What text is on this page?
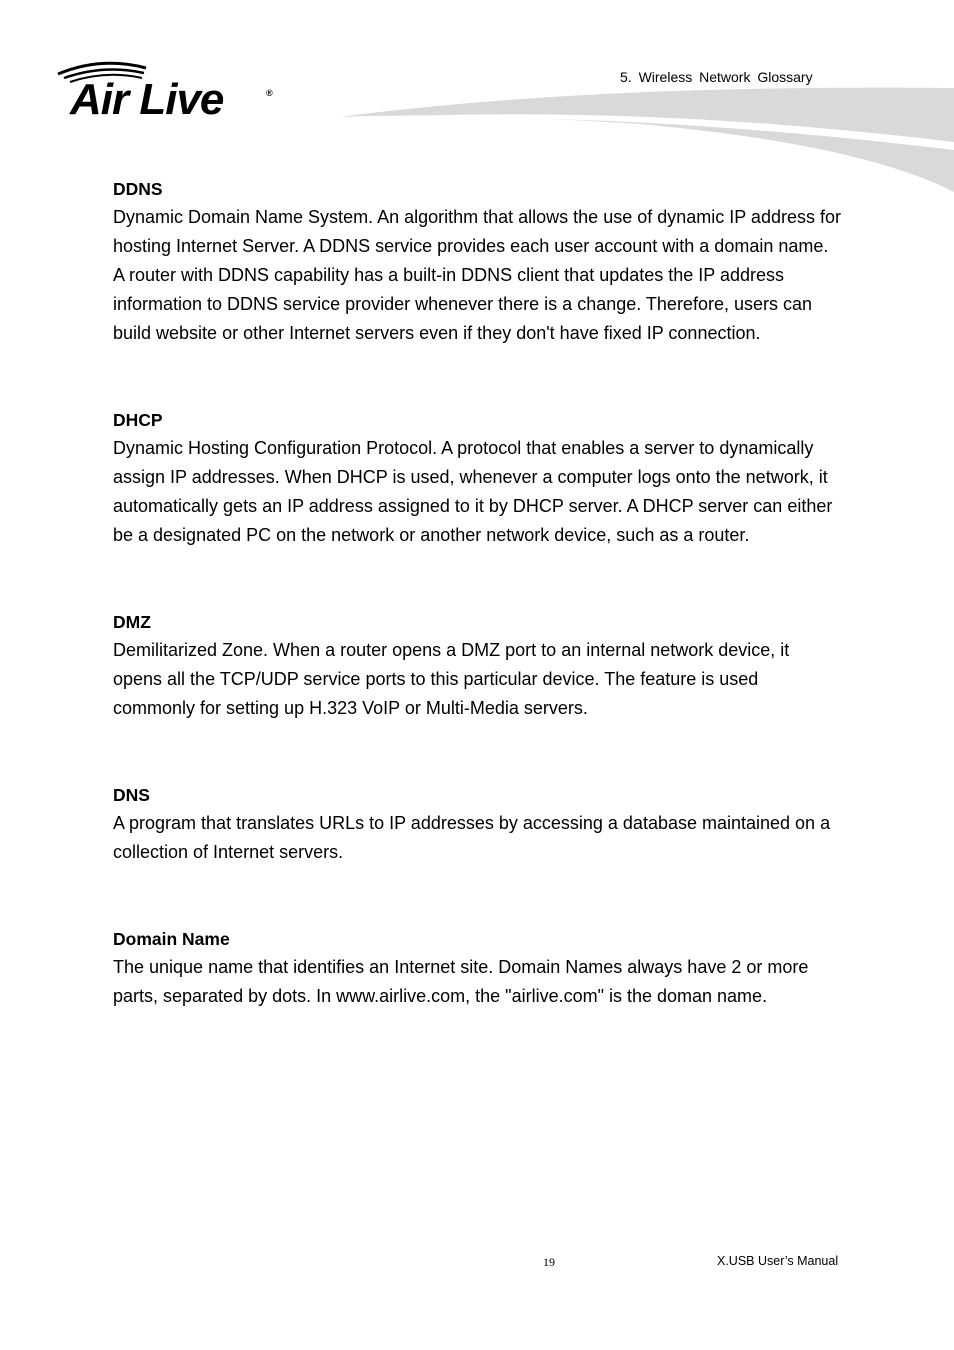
Air Live	®
5. Wireless Network Glossary

DDNS

Dynamic Domain Name System. An algorithm that allows the use of dynamic IP address for hosting Internet Server. A DDNS service provides each user account with a domain name. A router with DDNS capability has a built-in DDNS client that updates the IP address information to DDNS service provider whenever there is a change. Therefore, users can build website or other Internet servers even if they don't have fixed IP connection.

DHCP

Dynamic Hosting Configuration Protocol. A protocol that enables a server to dynamically assign IP addresses. When DHCP is used, whenever a computer logs onto the network, it automatically gets an IP address assigned to it by DHCP server. A DHCP server can either be a designated PC on the network or another network device, such as a router.

DMZ

Demilitarized Zone. When a router opens a DMZ port to an internal network device, it opens all the TCP/UDP service ports to this particular device. The feature is used commonly for setting up H.323 VoIP or Multi-Media servers.

DNS

A program that translates URLs to IP addresses by accessing a database maintained on a collection of Internet servers.

Domain Name

The unique name that identifies an Internet site. Domain Names always have 2 or more parts, separated by dots. In www.airlive.com, the "airlive.com" is the doman name.

19	X.USB User’s Manual
